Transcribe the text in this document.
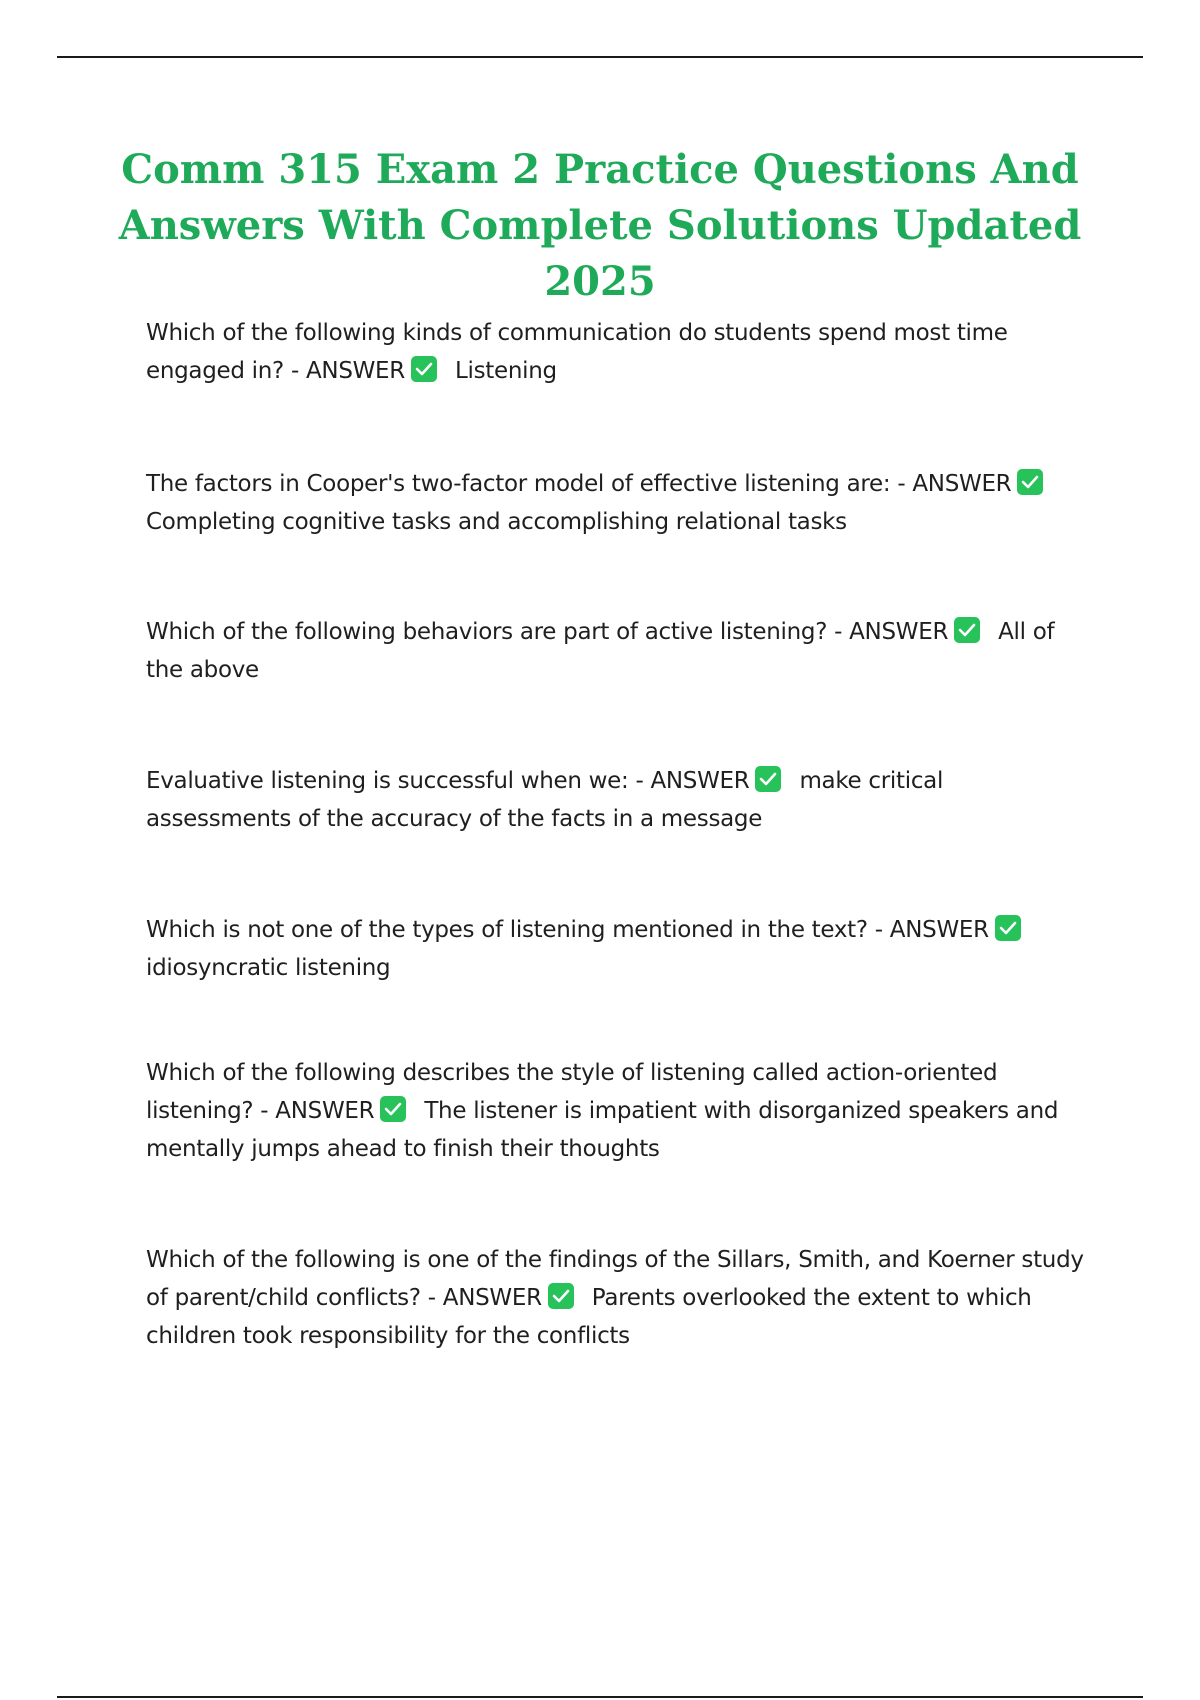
Comm 315 Exam 2 Practice Questions And Answers With Complete Solutions Updated 2025

Which of the following kinds of communication do students spend most time engaged in? - ANSWER Listening

The factors in Cooper's two-factor model of effective listening are: - ANSWER
Completing cognitive tasks and accomplishing relational tasks

Which of the following behaviors are part of active listening? - ANSWER All of the above

Evaluative listening is successful when we: - ANSWER make critical assessments of the accuracy of the facts in a message

Which is not one of the types of listening mentioned in the text? - ANSWER
idiosyncratic listening

Which of the following describes the style of listening called action-oriented listening? - ANSWER The listener is impatient with disorganized speakers and mentally jumps ahead to finish their thoughts

Which of the following is one of the findings of the Sillars, Smith, and Koerner study of parent/child conflicts? - ANSWER Parents overlooked the extent to which children took responsibility for the conflicts
